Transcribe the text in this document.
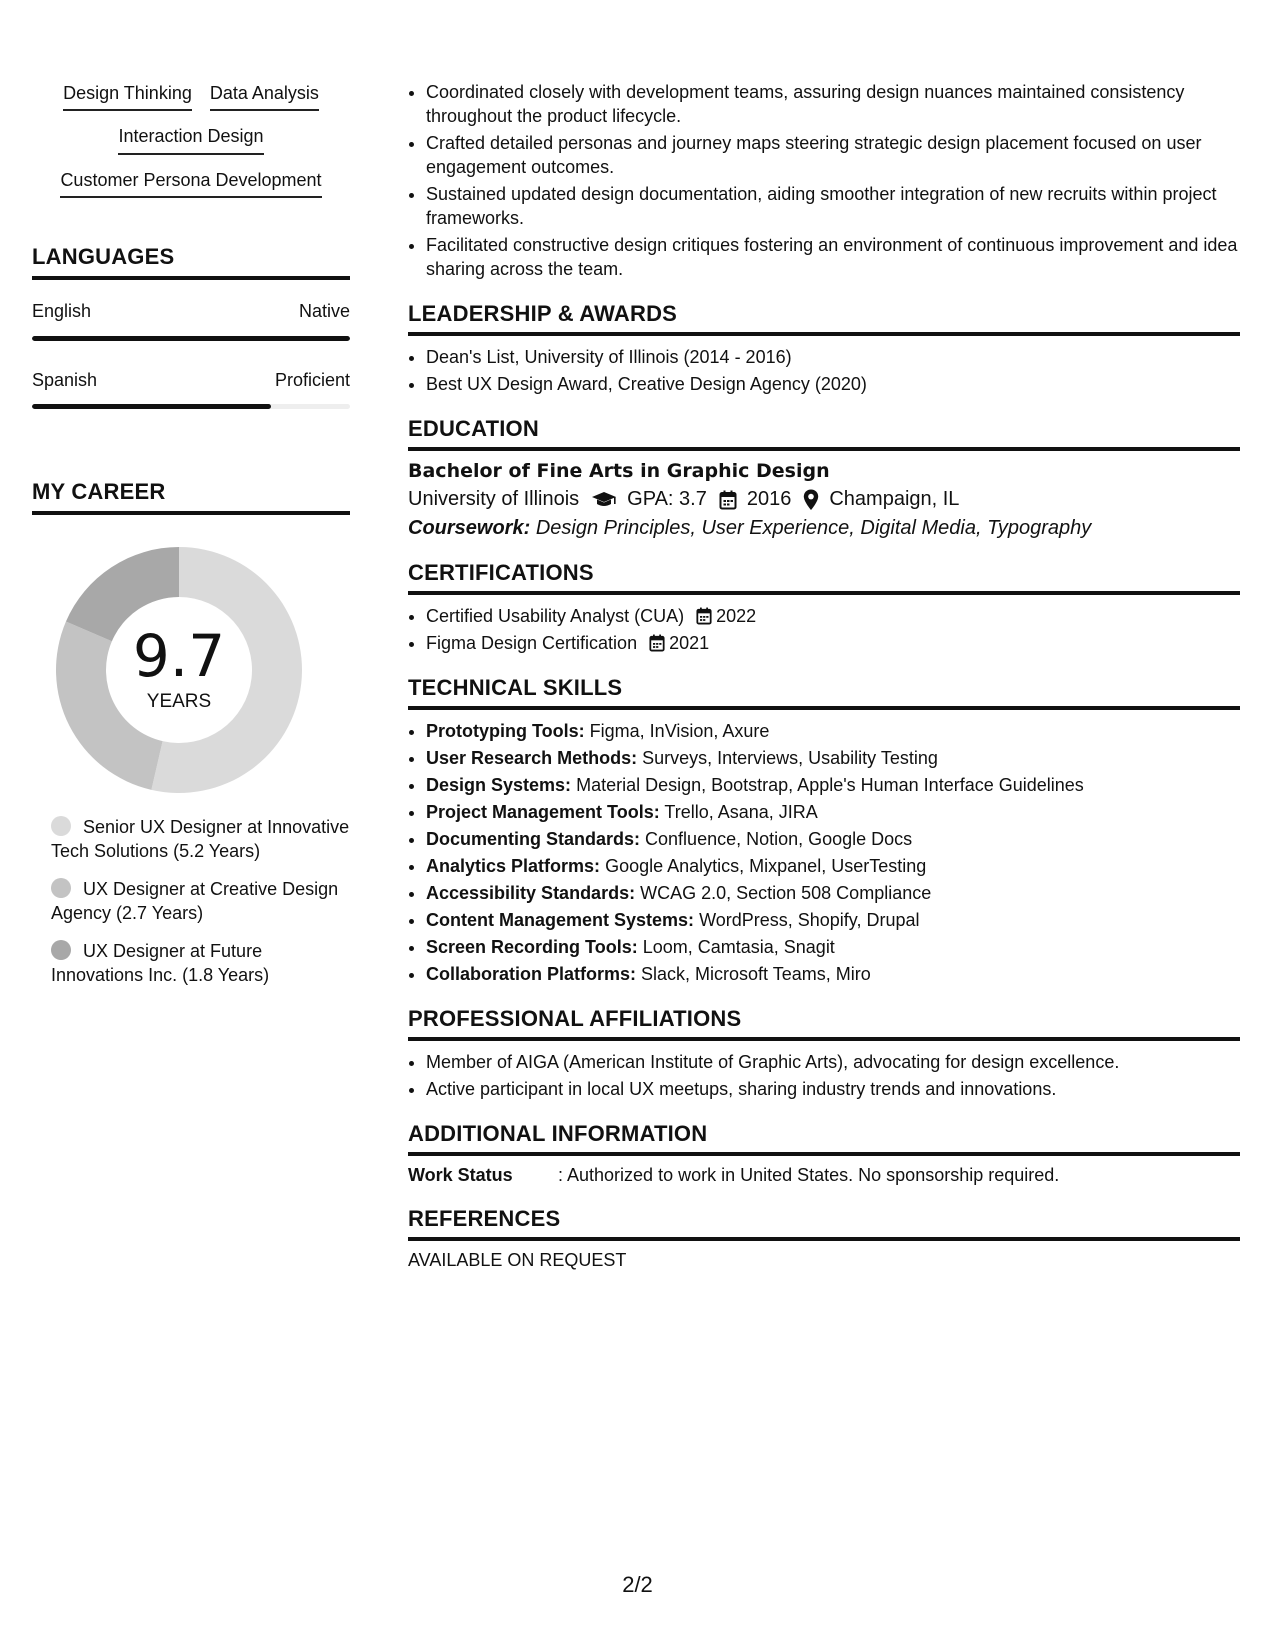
Design Thinking Data Analysis
Interaction Design
Customer Persona Development
LANGUAGES
English	Native
Spanish	Proficient
MY CAREER
9.7
YEARS
Senior UX Designer at Innovative Tech Solutions (5.2 Years)
UX Designer at Creative Design Agency (2.7 Years)
UX Designer at Future Innovations Inc. (1.8 Years)
• Coordinated closely with development teams, assuring design nuances maintained consistency throughout the product lifecycle.
• Crafted detailed personas and journey maps steering strategic design placement focused on user engagement outcomes.
• Sustained updated design documentation, aiding smoother integration of new recruits within project frameworks.
• Facilitated constructive design critiques fostering an environment of continuous improvement and idea sharing across the team.
LEADERSHIP & AWARDS
• Dean's List, University of Illinois (2014 - 2016)
• Best UX Design Award, Creative Design Agency (2020)
EDUCATION
Bachelor of Fine Arts in Graphic Design
University of Illinois GPA: 3.7 2016 Champaign, IL
Coursework: Design Principles, User Experience, Digital Media, Typography
CERTIFICATIONS
• Certified Usability Analyst (CUA) 2022
• Figma Design Certification 2021
TECHNICAL SKILLS
• Prototyping Tools: Figma, InVision, Axure
• User Research Methods: Surveys, Interviews, Usability Testing
• Design Systems: Material Design, Bootstrap, Apple's Human Interface Guidelines
• Project Management Tools: Trello, Asana, JIRA
• Documenting Standards: Confluence, Notion, Google Docs
• Analytics Platforms: Google Analytics, Mixpanel, UserTesting
• Accessibility Standards: WCAG 2.0, Section 508 Compliance
• Content Management Systems: WordPress, Shopify, Drupal
• Screen Recording Tools: Loom, Camtasia, Snagit
• Collaboration Platforms: Slack, Microsoft Teams, Miro
PROFESSIONAL AFFILIATIONS
• Member of AIGA (American Institute of Graphic Arts), advocating for design excellence.
• Active participant in local UX meetups, sharing industry trends and innovations.
ADDITIONAL INFORMATION
Work Status	: Authorized to work in United States. No sponsorship required.
REFERENCES
AVAILABLE ON REQUEST
2/2
